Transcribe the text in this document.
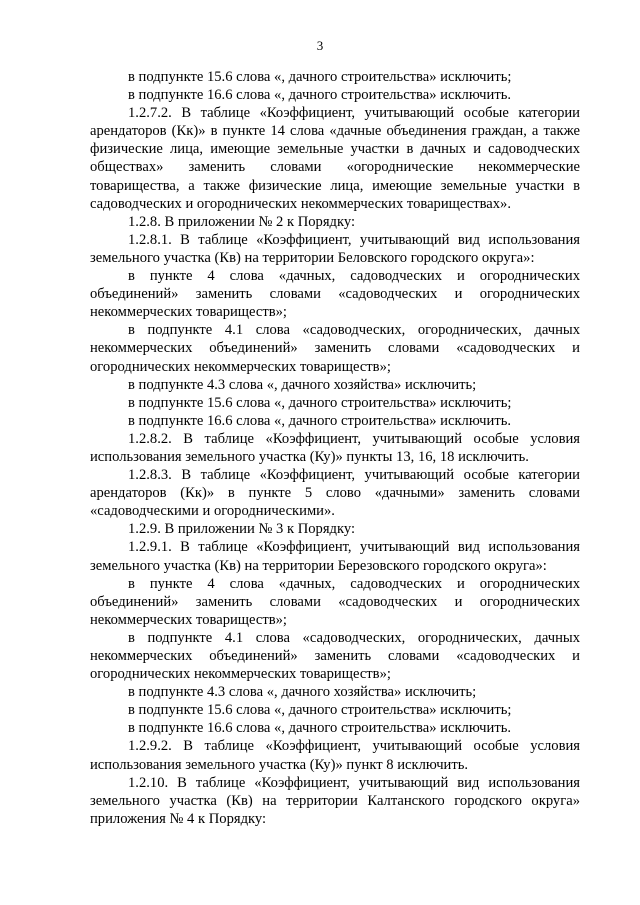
3

в подпункте 15.6 слова «, дачного строительства» исключить;

в подпункте 16.6 слова «, дачного строительства» исключить.

1.2.7.2. В таблице «Коэффициент, учитывающий особые категории арендаторов (Кк)» в пункте 14 слова «дачные объединения граждан, а также физические лица, имеющие земельные участки в дачных и садоводческих обществах» заменить словами «огороднические некоммерческие товарищества, а также физические лица, имеющие земельные участки в садоводческих и огороднических некоммерческих товариществах».

1.2.8. В приложении № 2 к Порядку:

1.2.8.1. В таблице «Коэффициент, учитывающий вид использования земельного участка (Кв) на территории Беловского городского округа»:

в пункте 4 слова «дачных, садоводческих и огороднических объединений» заменить словами «садоводческих и огороднических некоммерческих товариществ»;

в подпункте 4.1 слова «садоводческих, огороднических, дачных некоммерческих объединений» заменить словами «садоводческих и огороднических некоммерческих товариществ»;

в подпункте 4.3 слова «, дачного хозяйства» исключить;

в подпункте 15.6 слова «, дачного строительства» исключить;

в подпункте 16.6 слова «, дачного строительства» исключить.

1.2.8.2. В таблице «Коэффициент, учитывающий особые условия использования земельного участка (Ку)» пункты 13, 16, 18 исключить.

1.2.8.3. В таблице «Коэффициент, учитывающий особые категории арендаторов (Кк)» в пункте 5 слово «дачными» заменить словами «садоводческими и огородническими».

1.2.9. В приложении № 3 к Порядку:

1.2.9.1. В таблице «Коэффициент, учитывающий вид использования земельного участка (Кв) на территории Березовского городского округа»:

в пункте 4 слова «дачных, садоводческих и огороднических объединений» заменить словами «садоводческих и огороднических некоммерческих товариществ»;

в подпункте 4.1 слова «садоводческих, огороднических, дачных некоммерческих объединений» заменить словами «садоводческих и огороднических некоммерческих товариществ»;

в подпункте 4.3 слова «, дачного хозяйства» исключить;

в подпункте 15.6 слова «, дачного строительства» исключить;

в подпункте 16.6 слова «, дачного строительства» исключить.

1.2.9.2. В таблице «Коэффициент, учитывающий особые условия использования земельного участка (Ку)» пункт 8 исключить.

1.2.10. В таблице «Коэффициент, учитывающий вид использования земельного участка (Кв) на территории Калтанского городского округа» приложения № 4 к Порядку:
